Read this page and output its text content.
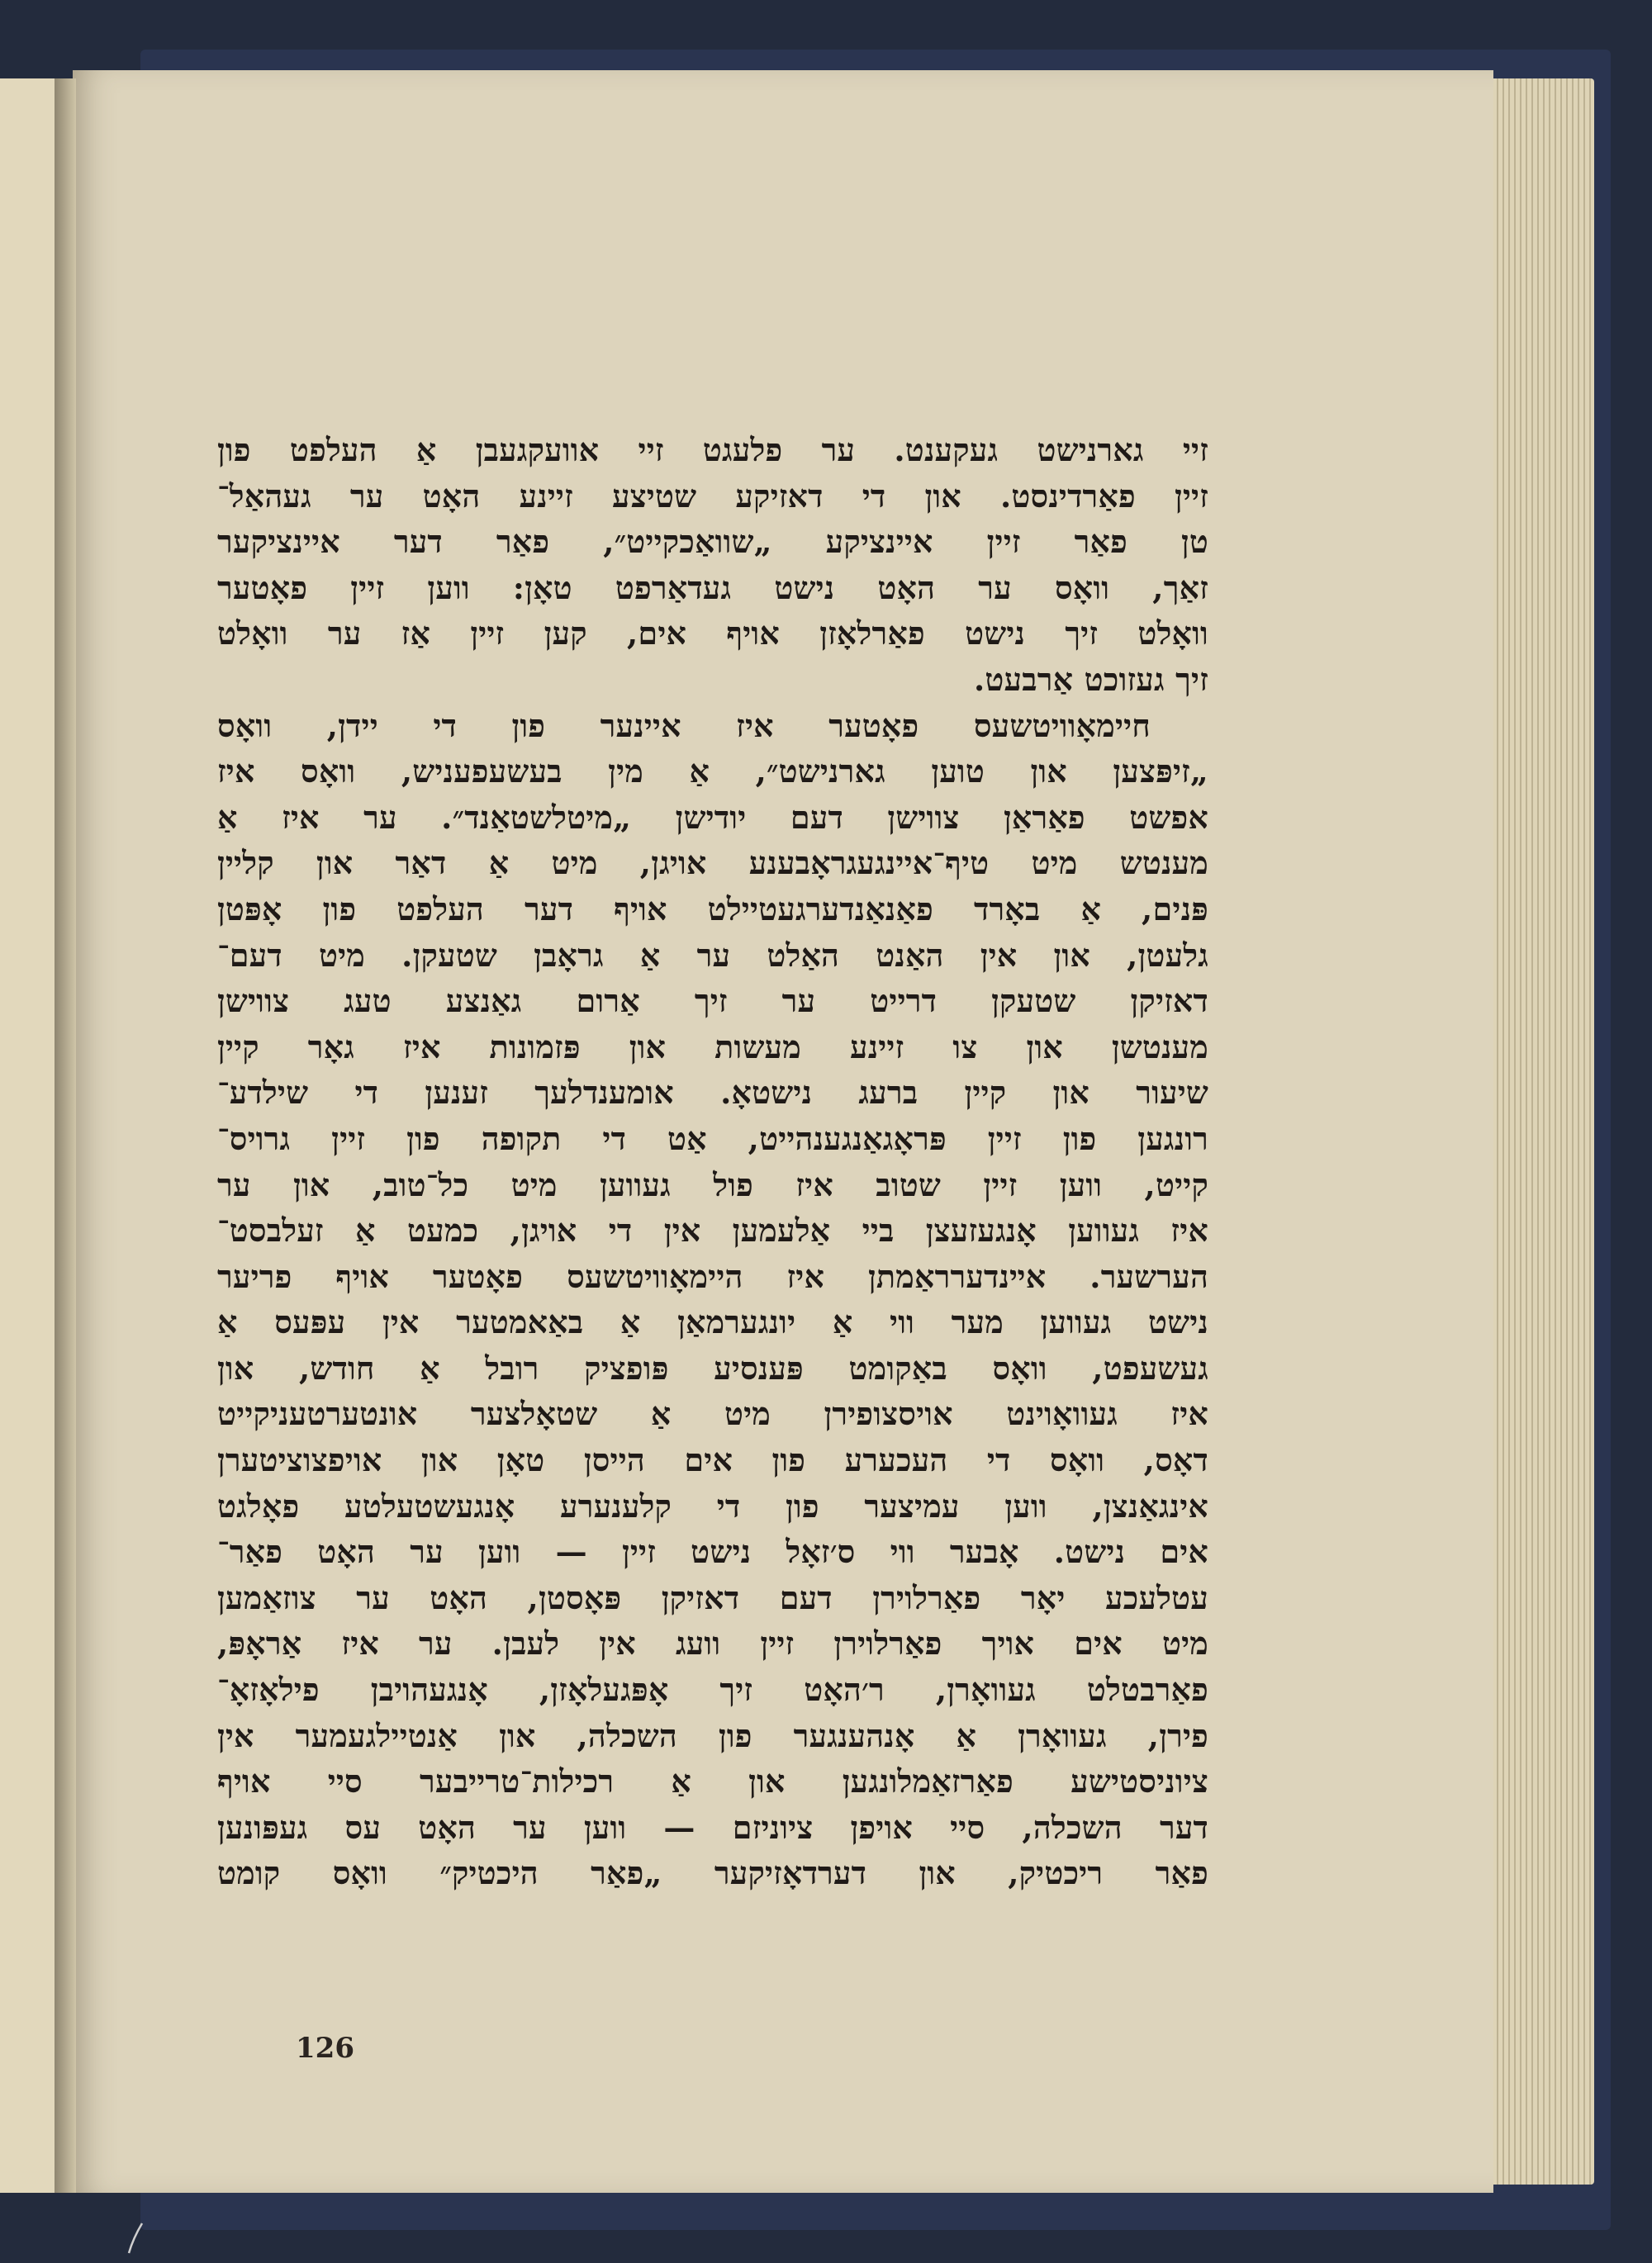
זיי גארנישט געקענט. ער פלעגט זיי אוועקגעבן אַ העלפט פון
זיין פאַרדינסט. און די דאזיקע שטיצע זיינע האָט ער געהאַל־
טן פאַר זיין איינציקע „שוואַכקייט״, פאַר דער איינציקער
זאַך, וואָס ער האָט נישט געדאַרפט טאָן: ווען זיין פאָטער
וואָלט זיך נישט פאַרלאָזן אויף אים, קען זיין אַז ער וואָלט
זיך געזוכט אַרבעט.
חיימאָוויטשעס פאָטער איז איינער פון די יידן, וואָס
„זיפּצען און טוען גארנישט״, אַ מין בעשעפעניש, וואָס איז
אפשט פאַראַן צווישן דעם יודישן „מיטלשטאַנד״. ער איז אַ
מענטש מיט טיף־איינגעגראָבענע אויגן, מיט אַ דאַר און קליין
פּנים, אַ באָרד פאַנאַנדערגעטיילט אויף דער העלפט פון אָפּטן
גלעטן, און אין האַנט האַלט ער אַ גראָבן שטעקן. מיט דעם־
דאזיקן שטעקן דרייט ער זיך אַרום גאַנצע טעג צווישן
מענטשן און צו זיינע מעשות און פּזמונות איז גאָר קיין
שיעור און קיין ברעג נישטאָ. אומענדלעך זענען די שילדע־
רונגען פון זיין פּראָגאַנגענהייט, אַט די תקופה פון זיין גרויס־
קייט, ווען זיין שטוב איז פול געווען מיט כל־טוב, און ער
איז געווען אָנגעזעצן ביי אַלעמען אין די אויגן, כמעט אַ זעלבסט־
הערשער. אײנדערראַמתן איז היימאָוויטשעס פאָטער אויף פריער
נישט געווען מער ווי אַ יונגערמאַן אַ באַאמטער אין עפּעס אַ
געשעפט, וואָס באַקומט פּענסיע פּופציק רובל אַ חודש, און
איז געוואָוינט אויסצופירן מיט אַ שטאָלצער אונטערטעניקייט
דאָס, וואָס די העכערע פון אים הייסן טאָן און אויפצוציטערן
אינגאַנצן, ווען עמיצער פון די קלענערע אָנגעשטעלטע פאָלגט
אים נישט. אָבער ווי ס׳זאָל נישט זיין — ווען ער האָט פאַר־
עטלעכע יאָר פאַרלוירן דעם דאזיקן פּאָסטן, האָט ער צוזאַמען
מיט אים אויך פאַרלוירן זיין וועג אין לעבן. ער איז אַראָפּ,
פאַרבטלט געוואָרן, ר׳האָט זיך אָפּגעלאָזן, אָנגעהויבן פילאָזאָ־
פירן, געוואָרן אַ אָנהענגער פון השכלה, און אַנטיילגעמער אין
ציוניסטישע פאַרזאַמלונגען און אַ רכילות־טרייבער סיי אויף
דער השכלה, סיי אויפן ציוניזם — ווען ער האָט עס געפּונען
פאַר ריכטיק, און דערדאָזיקער „פאַר היכטיק״ וואָס קומט
126
